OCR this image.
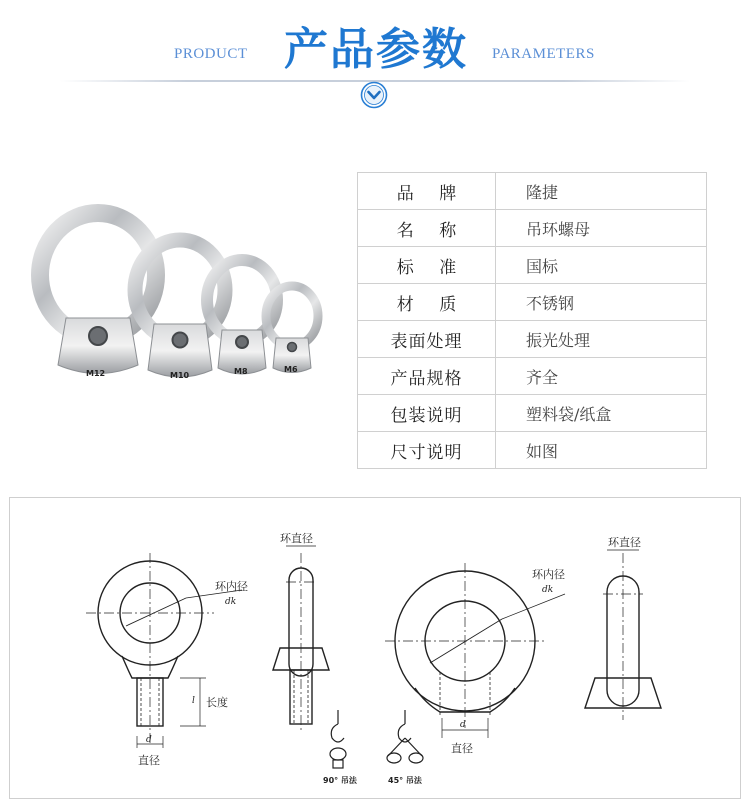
PRODUCT 产品参数	PARAMETERS
M12	M10	M8	M6
品 牌	隆捷
名 称	吊环螺母
标 准	国标
材 质	不锈钢
表面处理	振光处理
产品规格	齐全
包装说明	塑料袋/纸盒
尺寸说明	如图
环内径
dk
长度
l
d
直径
环直径
环内径
dk
d
直径
环直径
90° 吊法	45° 吊法
